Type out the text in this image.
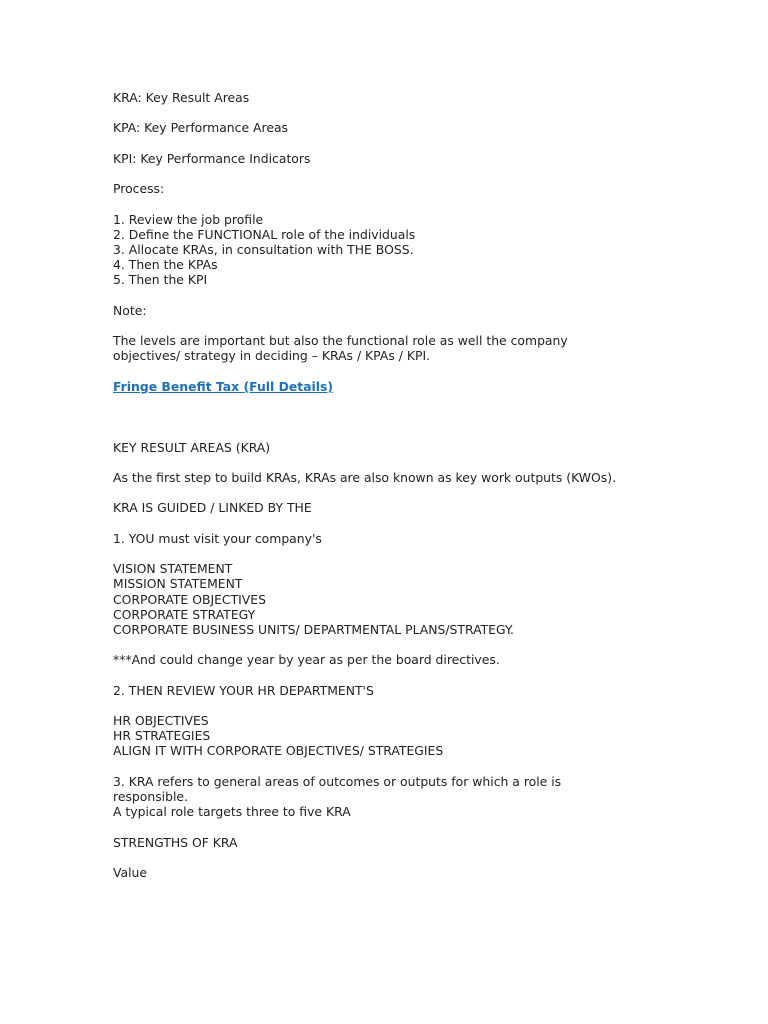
KRA: Key Result Areas
KPA: Key Performance Areas
KPI: Key Performance Indicators
Process:
1. Review the job profile
2. Define the FUNCTIONAL role of the individuals
3. Allocate KRAs, in consultation with THE BOSS.
4. Then the KPAs
5. Then the KPI
Note:
The levels are important but also the functional role as well the company
objectives/ strategy in deciding – KRAs / KPAs / KPI.
Fringe Benefit Tax (Full Details)
KEY RESULT AREAS (KRA)
As the first step to build KRAs, KRAs are also known as key work outputs (KWOs).
KRA IS GUIDED / LINKED BY THE
1. YOU must visit your company's
VISION STATEMENT
MISSION STATEMENT
CORPORATE OBJECTIVES
CORPORATE STRATEGY
CORPORATE BUSINESS UNITS/ DEPARTMENTAL PLANS/STRATEGY.
***And could change year by year as per the board directives.
2. THEN REVIEW YOUR HR DEPARTMENT'S
HR OBJECTIVES
HR STRATEGIES
ALIGN IT WITH CORPORATE OBJECTIVES/ STRATEGIES
3. KRA refers to general areas of outcomes or outputs for which a role is
responsible.
A typical role targets three to five KRA
STRENGTHS OF KRA
Value
